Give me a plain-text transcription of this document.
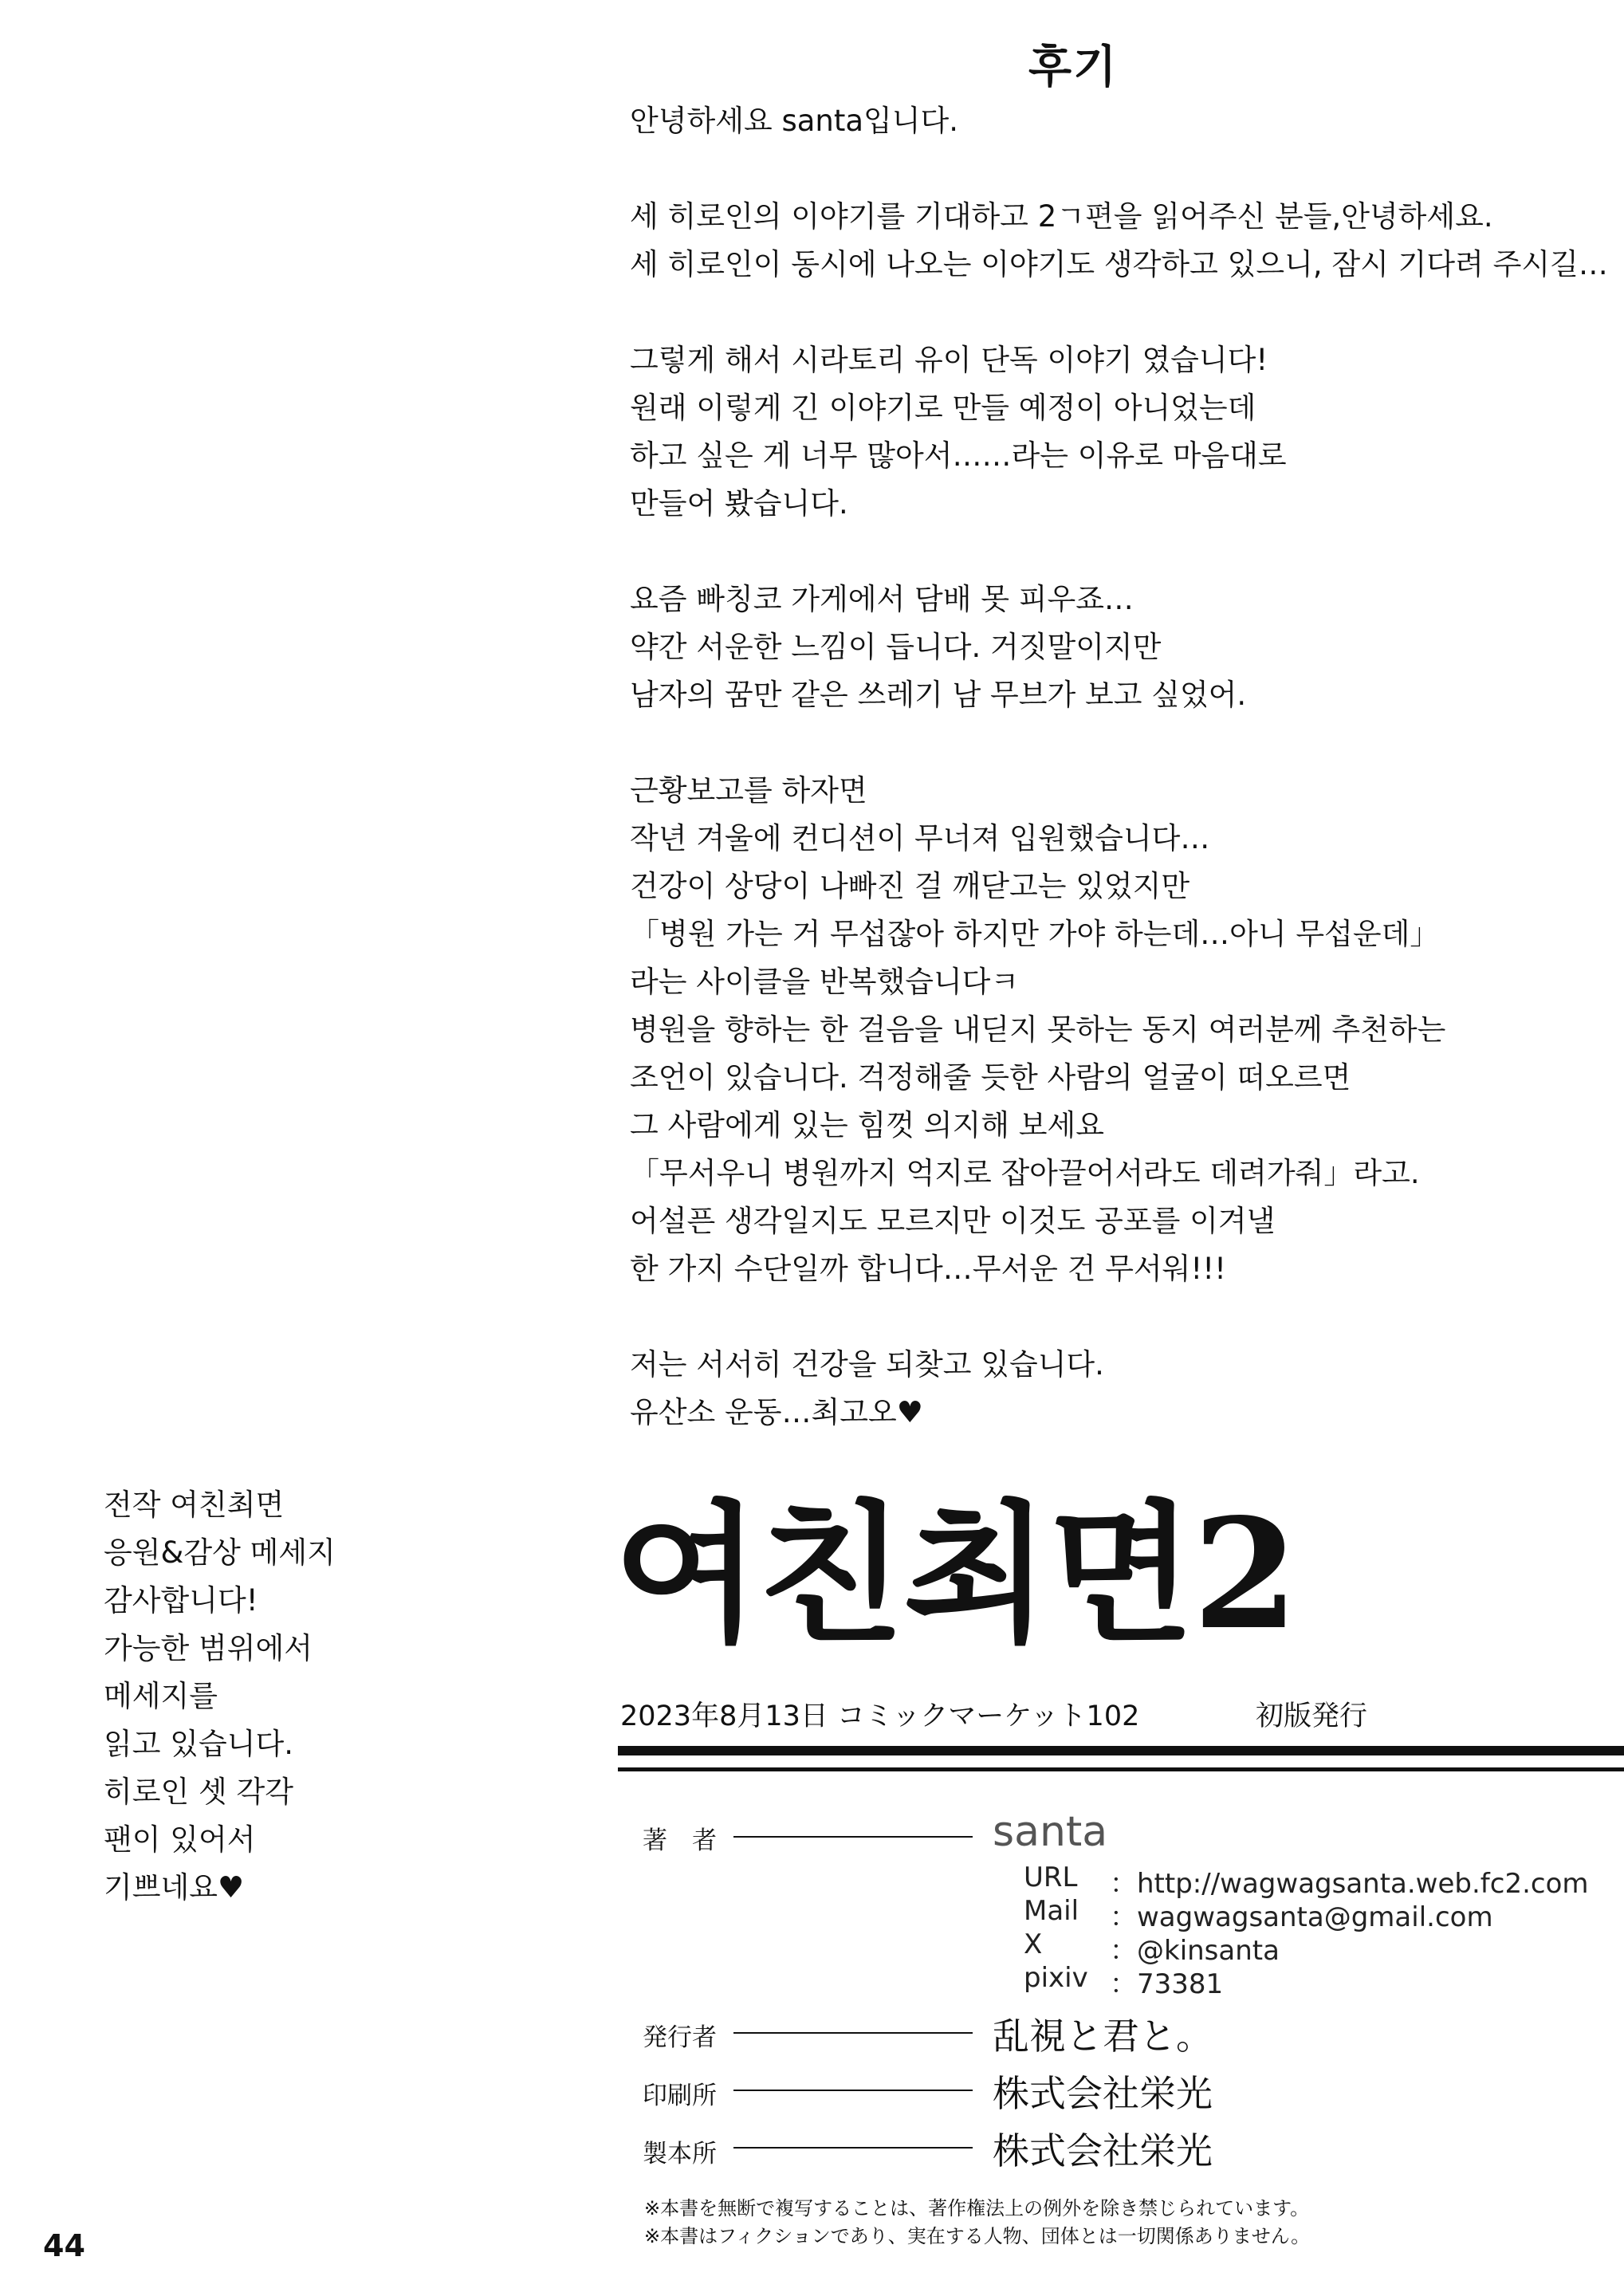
후기
안녕하세요 santa입니다.
세 히로인의 이야기를 기대하고 2ㄱ편을 읽어주신 분들,안녕하세요.
세 히로인이 동시에 나오는 이야기도 생각하고 있으니, 잠시 기다려 주시길…
그렇게 해서 시라토리 유이 단독 이야기 였습니다!
원래 이렇게 긴 이야기로 만들 예정이 아니었는데
하고 싶은 게 너무 많아서……라는 이유로 마음대로
만들어 봤습니다.
요즘 빠칭코 가게에서 담배 못 피우죠…
약간 서운한 느낌이 듭니다. 거짓말이지만
남자의 꿈만 같은 쓰레기 남 무브가 보고 싶었어.
근황보고를 하자면
작년 겨울에 컨디션이 무너져 입원했습니다…
건강이 상당이 나빠진 걸 깨닫고는 있었지만
「병원 가는 거 무섭잖아 하지만 가야 하는데…아니 무섭운데」
라는 사이클을 반복했습니다ㅋ
병원을 향하는 한 걸음을 내딛지 못하는 동지 여러분께 추천하는
조언이 있습니다. 걱정해줄 듯한 사람의 얼굴이 떠오르면
그 사람에게 있는 힘껏 의지해 보세요
「무서우니 병원까지 억지로 잡아끌어서라도 데려가줘」라고.
어설픈 생각일지도 모르지만 이것도 공포를 이겨낼
한 가지 수단일까 합니다…무서운 건 무서워!!!
저는 서서히 건강을 되찾고 있습니다.
유산소 운동…최고오♥
전작 여친최면
응원&감상 메세지
감사합니다!
가능한 범위에서
메세지를
읽고 있습니다.
히로인 셋 각각
팬이 있어서
기쁘네요♥
여친최면2
2023年8月13日 コミックマーケット102	初版発行
著　者	santa
URL ：http://wagwagsanta.web.fc2.com
Mail ：wagwagsanta@gmail.com
X ：@kinsanta
pixiv ：73381
発行者	乱視と君と。
印刷所	株式会社栄光
製本所	株式会社栄光
※本書を無断で複写することは、著作権法上の例外を除き禁じられています。
※本書はフィクションであり、実在する人物、団体とは一切関係ありません。
44
